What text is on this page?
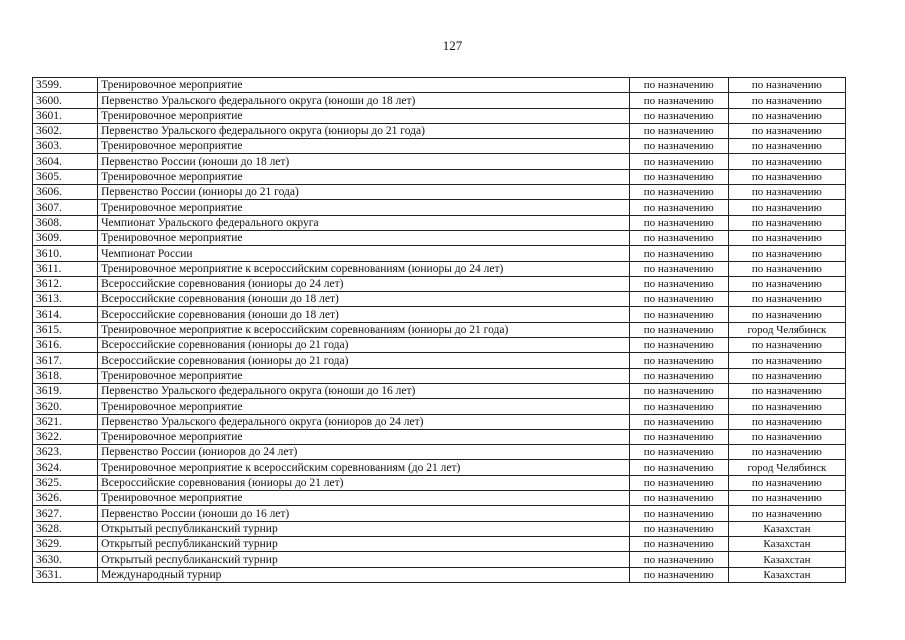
127
3599.	Тренировочное мероприятие	по назначению	по назначению
3600.	Первенство Уральского федерального округа (юноши до 18 лет)	по назначению	по назначению
3601.	Тренировочное мероприятие	по назначению	по назначению
3602.	Первенство Уральского федерального округа (юниоры до 21 года)	по назначению	по назначению
3603.	Тренировочное мероприятие	по назначению	по назначению
3604.	Первенство России (юноши до 18 лет)	по назначению	по назначению
3605.	Тренировочное мероприятие	по назначению	по назначению
3606.	Первенство России (юниоры до 21 года)	по назначению	по назначению
3607.	Тренировочное мероприятие	по назначению	по назначению
3608.	Чемпионат Уральского федерального округа	по назначению	по назначению
3609.	Тренировочное мероприятие	по назначению	по назначению
3610.	Чемпионат России	по назначению	по назначению
3611.	Тренировочное мероприятие к всероссийским соревнованиям (юниоры до 24 лет)	по назначению	по назначению
3612.	Всероссийские соревнования (юниоры до 24 лет)	по назначению	по назначению
3613.	Всероссийские соревнования (юноши до 18 лет)	по назначению	по назначению
3614.	Всероссийские соревнования (юноши до 18 лет)	по назначению	по назначению
3615.	Тренировочное мероприятие к всероссийским соревнованиям (юниоры до 21 года)	по назначению	город Челябинск
3616.	Всероссийские соревнования (юниоры до 21 года)	по назначению	по назначению
3617.	Всероссийские соревнования (юниоры до 21 года)	по назначению	по назначению
3618.	Тренировочное мероприятие	по назначению	по назначению
3619.	Первенство Уральского федерального округа (юноши до 16 лет)	по назначению	по назначению
3620.	Тренировочное мероприятие	по назначению	по назначению
3621.	Первенство Уральского федерального округа (юниоров до 24 лет)	по назначению	по назначению
3622.	Тренировочное мероприятие	по назначению	по назначению
3623.	Первенство России (юниоров до 24 лет)	по назначению	по назначению
3624.	Тренировочное мероприятие к всероссийским соревнованиям (до 21 лет)	по назначению	город Челябинск
3625.	Всероссийские соревнования (юниоры до 21 лет)	по назначению	по назначению
3626.	Тренировочное мероприятие	по назначению	по назначению
3627.	Первенство России (юноши до 16 лет)	по назначению	по назначению
3628.	Открытый республиканский турнир	по назначению	Казахстан
3629.	Открытый республиканский турнир	по назначению	Казахстан
3630.	Открытый республиканский турнир	по назначению	Казахстан
3631.	Международный турнир	по назначению	Казахстан
